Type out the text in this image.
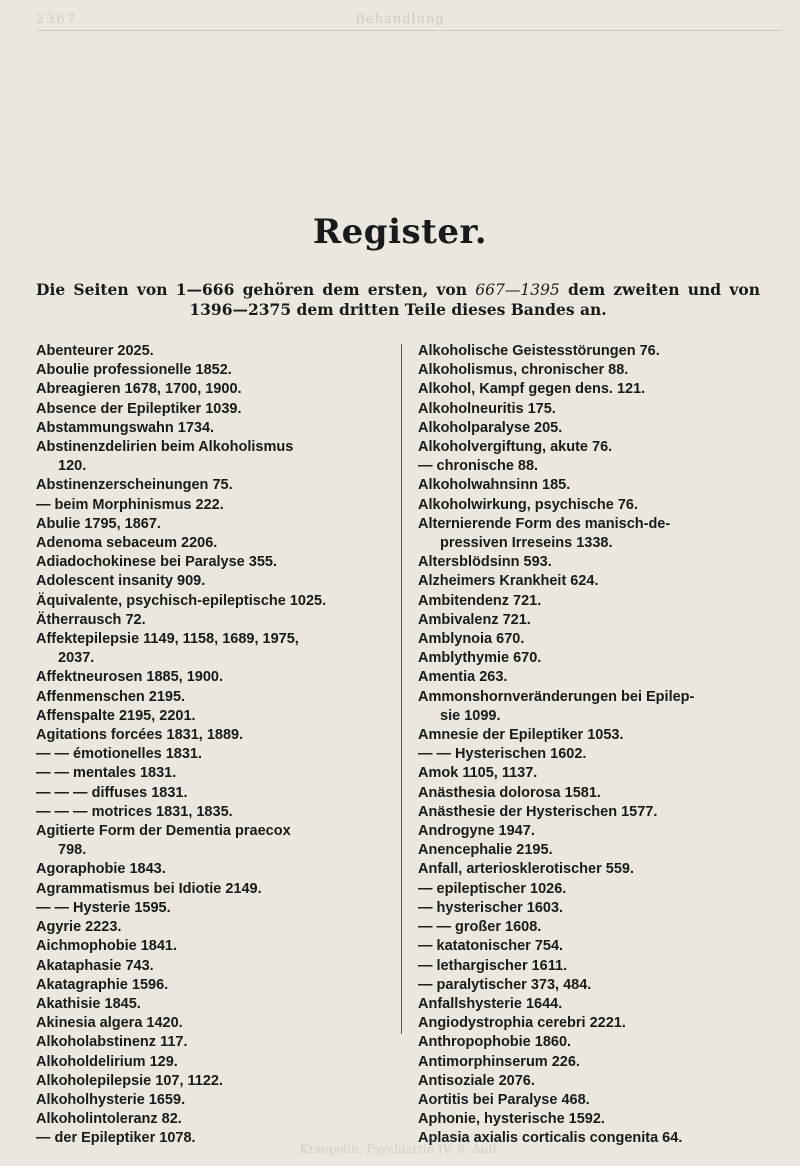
2367	Behandlung
Register.
Die Seiten von 1—666 gehören dem ersten, von 667—1395 dem zweiten und von 1396—2375 dem dritten Teile dieses Bandes an.
Abenteurer 2025.
Aboulie professionelle 1852.
Abreagieren 1678, 1700, 1900.
Absence der Epileptiker 1039.
Abstammungswahn 1734.
Abstinenzdelirien beim Alkoholismus
120.
Abstinenzerscheinungen 75.
— beim Morphinismus 222.
Abulie 1795, 1867.
Adenoma sebaceum 2206.
Adiadochokinese bei Paralyse 355.
Adolescent insanity 909.
Äquivalente, psychisch-epileptische 1025.
Ätherrausch 72.
Affektepilepsie 1149, 1158, 1689, 1975,
2037.
Affektneurosen 1885, 1900.
Affenmenschen 2195.
Affenspalte 2195, 2201.
Agitations forcées 1831, 1889.
— — émotionelles 1831.
— — mentales 1831.
— — — diffuses 1831.
— — — motrices 1831, 1835.
Agitierte Form der Dementia praecox
798.
Agoraphobie 1843.
Agrammatismus bei Idiotie 2149.
— — Hysterie 1595.
Agyrie 2223.
Aichmophobie 1841.
Akataphasie 743.
Akatagraphie 1596.
Akathisie 1845.
Akinesia algera 1420.
Alkoholabstinenz 117.
Alkoholdelirium 129.
Alkoholepilepsie 107, 1122.
Alkoholhysterie 1659.
Alkoholintoleranz 82.
— der Epileptiker 1078.
Alkoholische Geistesstörungen 76.
Alkoholismus, chronischer 88.
Alkohol, Kampf gegen dens. 121.
Alkoholneuritis 175.
Alkoholparalyse 205.
Alkoholvergiftung, akute 76.
— chronische 88.
Alkoholwahnsinn 185.
Alkoholwirkung, psychische 76.
Alternierende Form des manisch-de-
pressiven Irreseins 1338.
Altersblödsinn 593.
Alzheimers Krankheit 624.
Ambitendenz 721.
Ambivalenz 721.
Amblynoia 670.
Amblythymie 670.
Amentia 263.
Ammonshornveränderungen bei Epilep-
sie 1099.
Amnesie der Epileptiker 1053.
— — Hysterischen 1602.
Amok 1105, 1137.
Anästhesia dolorosa 1581.
Anästhesie der Hysterischen 1577.
Androgyne 1947.
Anencephalie 2195.
Anfall, arteriosklerotischer 559.
— epileptischer 1026.
— hysterischer 1603.
— — großer 1608.
— katatonischer 754.
— lethargischer 1611.
— paralytischer 373, 484.
Anfallshysterie 1644.
Angiodystrophia cerebri 2221.
Anthropophobie 1860.
Antimorphinserum 226.
Antisoziale 2076.
Aortitis bei Paralyse 468.
Aphonie, hysterische 1592.
Aplasia axialis corticalis congenita 64.
Kraepelin, Psychiatrie IV. 8. Aufl.
